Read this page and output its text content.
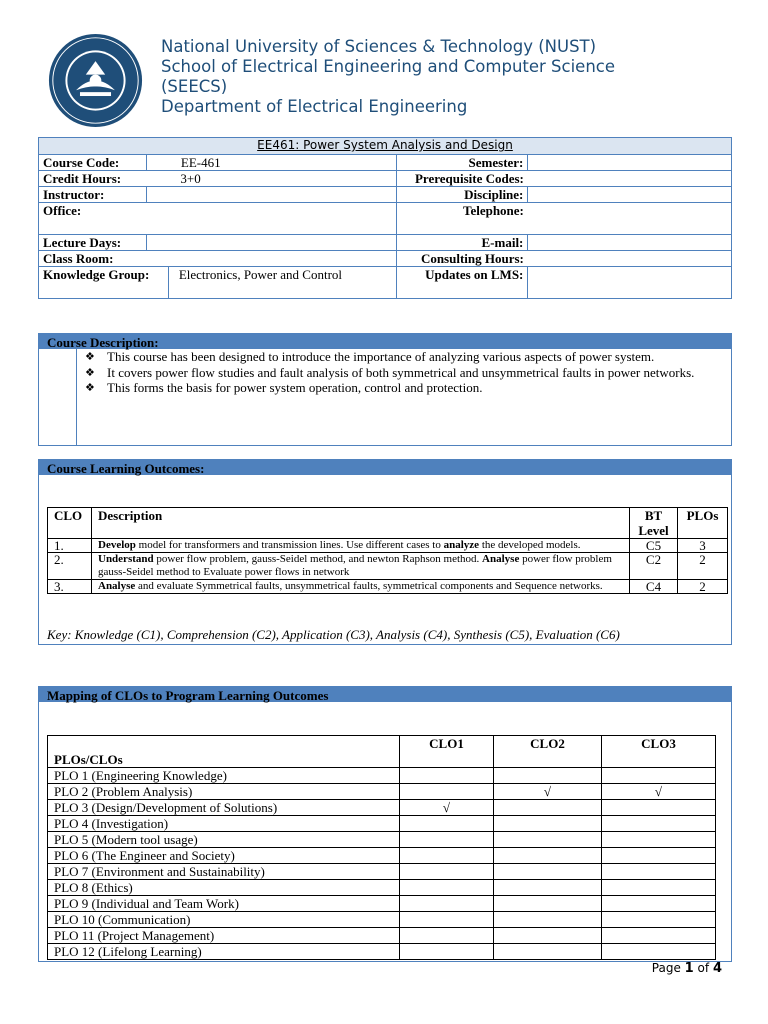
National University of Sciences & Technology (NUST)
School of Electrical Engineering and Computer Science
(SEECS)
Department of Electrical Engineering
EE461: Power System Analysis and Design				
Course Code:	EE-461		Semester:	
Credit Hours:	3+0		Prerequisite Codes:	
Instructor:			Discipline:	
Office:			Telephone:	
Lecture Days:			E-mail:	
Class Room:			Consulting Hours:	
Knowledge Group:		Electronics, Power and Control	Updates on LMS:	
Course Description:
❖ This course has been designed to introduce the importance of analyzing various aspects of power system.
❖ It covers power flow studies and fault analysis of both symmetrical and unsymmetrical faults in power networks.
❖ This forms the basis for power system operation, control and protection.
Course Learning Outcomes:
CLO	Description	BT Level	PLOs
1.	Develop model for transformers and transmission lines. Use different cases to analyze the developed models.	C5	3
2.	Understand power flow problem, gauss-Seidel method, and newton Raphson method. Analyse power flow problem gauss-Seidel method to Evaluate power flows in network	C2	2
3.	Analyse and evaluate Symmetrical faults, unsymmetrical faults, symmetrical components and Sequence networks.	C4	2
Key: Knowledge (C1), Comprehension (C2), Application (C3), Analysis (C4), Synthesis (C5), Evaluation (C6)
Mapping of CLOs to Program Learning Outcomes
PLOs/CLOs	CLO1	CLO2	CLO3
PLO 1 (Engineering Knowledge)			
PLO 2 (Problem Analysis)		√	√
PLO 3 (Design/Development of Solutions)	√		
PLO 4 (Investigation)			
PLO 5 (Modern tool usage)			
PLO 6 (The Engineer and Society)			
PLO 7 (Environment and Sustainability)			
PLO 8 (Ethics)			
PLO 9 (Individual and Team Work)			
PLO 10 (Communication)			
PLO 11 (Project Management)			
PLO 12 (Lifelong Learning)			
Page 1 of 4
